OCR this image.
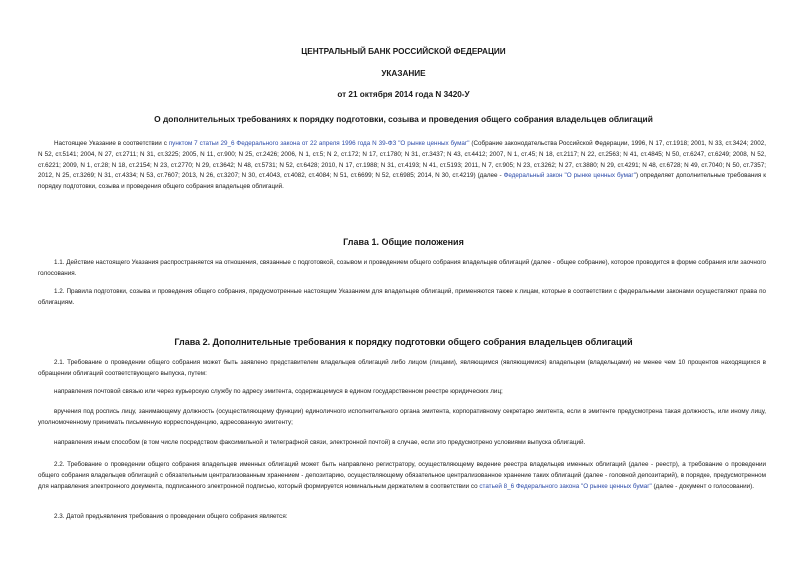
ЦЕНТРАЛЬНЫЙ БАНК РОССИЙСКОЙ ФЕДЕРАЦИИ
УКАЗАНИЕ
от 21 октября 2014 года N 3420-У
О дополнительных требованиях к порядку подготовки, созыва и проведения общего собрания владельцев облигаций

Настоящее Указание в соответствии с пунктом 7 статьи 29_6 Федерального закона от 22 апреля 1996 года N 39-ФЗ "О рынке ценных бумаг" (Собрание законодательства Российской Федерации, 1996, N 17, ст.1918; 2001, N 33, ст.3424; 2002, N 52, ст.5141; 2004, N 27, ст.2711; N 31, ст.3225; 2005, N 11, ст.900; N 25, ст.2426; 2006, N 1, ст.5; N 2, ст.172; N 17, ст.1780; N 31, ст.3437; N 43, ст.4412; 2007, N 1, ст.45; N 18, ст.2117; N 22, ст.2563; N 41, ст.4845; N 50, ст.6247, ст.6249; 2008, N 52, ст.6221; 2009, N 1, ст.28; N 18, ст.2154; N 23, ст.2770; N 29, ст.3642; N 48, ст.5731; N 52, ст.6428; 2010, N 17, ст.1988; N 31, ст.4193; N 41, ст.5193; 2011, N 7, ст.905; N 23, ст.3262; N 27, ст.3880; N 29, ст.4291; N 48, ст.6728; N 49, ст.7040; N 50, ст.7357; 2012, N 25, ст.3269; N 31, ст.4334; N 53, ст.7607; 2013, N 26, ст.3207; N 30, ст.4043, ст.4082, ст.4084; N 51, ст.6699; N 52, ст.6985; 2014, N 30, ст.4219) (далее - Федеральный закон "О рынке ценных бумаг") определяет дополнительные требования к порядку подготовки, созыва и проведения общего собрания владельцев облигаций.

Глава 1. Общие положения

1.1. Действие настоящего Указания распространяется на отношения, связанные с подготовкой, созывом и проведением общего собрания владельцев облигаций (далее - общее собрание), которое проводится в форме собрания или заочного голосования.

1.2. Правила подготовки, созыва и проведения общего собрания, предусмотренные настоящим Указанием для владельцев облигаций, применяются также к лицам, которые в соответствии с федеральными законами осуществляют права по облигациям.

Глава 2. Дополнительные требования к порядку подготовки общего собрания владельцев облигаций

2.1. Требование о проведении общего собрания может быть заявлено представителем владельцев облигаций либо лицом (лицами), являющимся (являющимися) владельцем (владельцами) не менее чем 10 процентов находящихся в обращении облигаций соответствующего выпуска, путем:

направления почтовой связью или через курьерскую службу по адресу эмитента, содержащемуся в едином государственном реестре юридических лиц;

вручения под роспись лицу, занимающему должность (осуществляющему функции) единоличного исполнительного органа эмитента, корпоративному секретарю эмитента, если в эмитенте предусмотрена такая должность, или иному лицу, уполномоченному принимать письменную корреспонденцию, адресованную эмитенту;

направления иным способом (в том числе посредством факсимильной и телеграфной связи, электронной почтой) в случае, если это предусмотрено условиями выпуска облигаций.

2.2. Требование о проведении общего собрания владельцев именных облигаций может быть направлено регистратору, осуществляющему ведение реестра владельцев именных облигаций (далее - реестр), а требование о проведении общего собрания владельцев облигаций с обязательным централизованным хранением - депозитарию, осуществляющему обязательное централизованное хранение таких облигаций (далее - головной депозитарий), в порядке, предусмотренном для направления электронного документа, подписанного электронной подписью, который формируется номинальным держателем в соответствии со статьей 8_6 Федерального закона "О рынке ценных бумаг" (далее - документ о голосовании).

2.3. Датой предъявления требования о проведении общего собрания является:
